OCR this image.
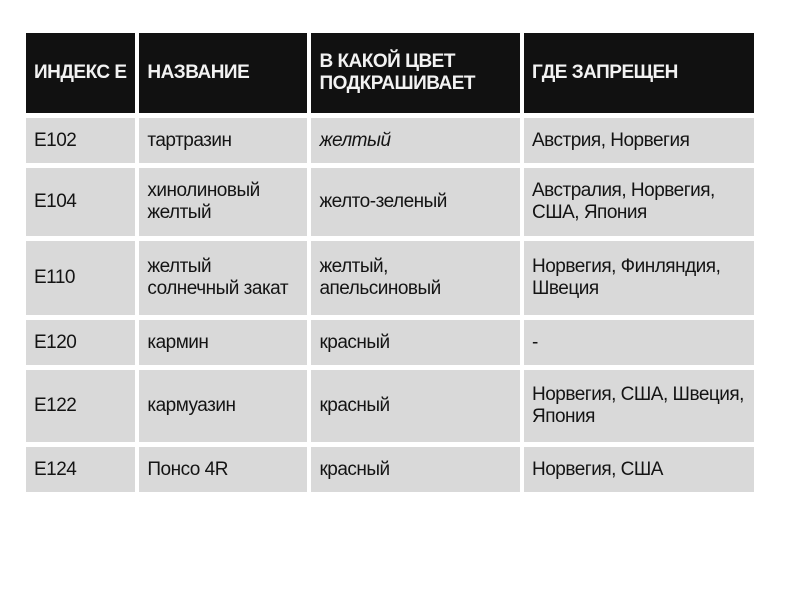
ИНДЕКС Е	НАЗВАНИЕ	В КАКОЙ ЦВЕТ ПОДКРАШИВАЕТ	ГДЕ ЗАПРЕЩЕН
Е102	тартразин	желтый	Австрия, Норвегия
Е104	хинолиновый желтый	желто-зеленый	Австралия, Норвегия, США, Япония
Е110	желтый солнечный закат	желтый, апельсиновый	Норвегия, Финляндия, Швеция
Е120	кармин	красный	-
Е122	кармуазин	красный	Норвегия, США, Швеция, Япония
Е124	Понсо 4R	красный	Норвегия, США
